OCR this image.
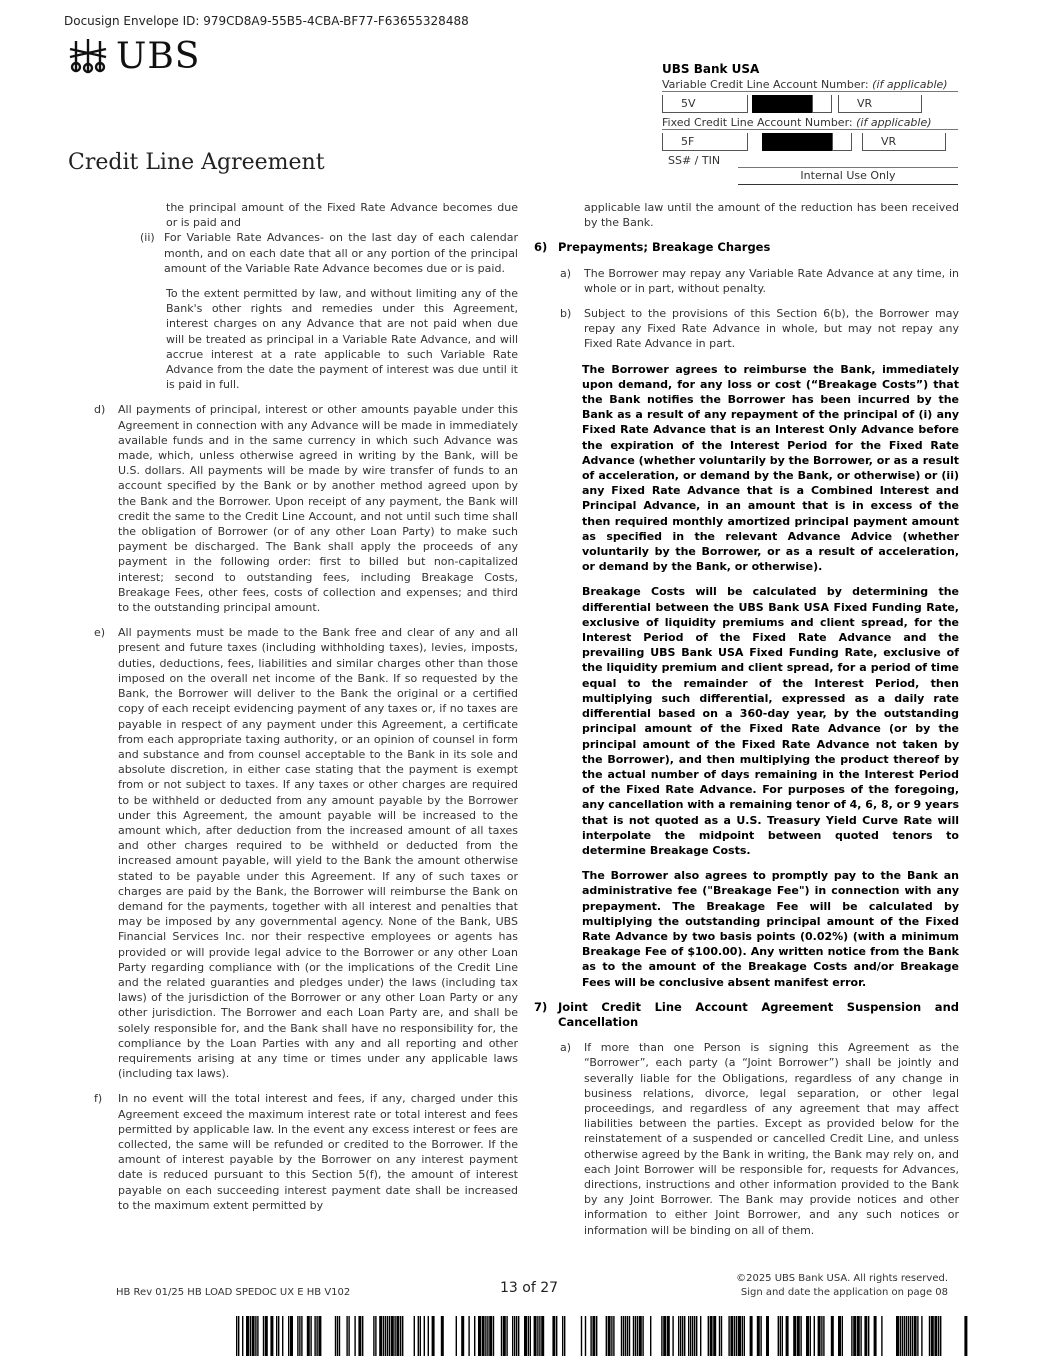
Docusign Envelope ID: 979CD8A9-55B5-4CBA-BF77-F63655328488
UBS
Credit Line Agreement
UBS Bank USA
Variable Credit Line Account Number: (if applicable)
5V	VR
Fixed Credit Line Account Number: (if applicable)
5F	VR
SS# / TIN
Internal Use Only
the principal amount of the Fixed Rate Advance becomes due or is paid and
(ii) For Variable Rate Advances- on the last day of each calendar month, and on each date that all or any portion of the principal amount of the Variable Rate Advance becomes due or is paid.
To the extent permitted by law, and without limiting any of the Bank's other rights and remedies under this Agreement, interest charges on any Advance that are not paid when due will be treated as principal in a Variable Rate Advance, and will accrue interest at a rate applicable to such Variable Rate Advance from the date the payment of interest was due until it is paid in full.
d)	All payments of principal, interest or other amounts payable under this Agreement in connection with any Advance will be made in immediately available funds and in the same currency in which such Advance was made, which, unless otherwise agreed in writing by the Bank, will be U.S. dollars. All payments will be made by wire transfer of funds to an account specified by the Bank or by another method agreed upon by the Bank and the Borrower. Upon receipt of any payment, the Bank will credit the same to the Credit Line Account, and not until such time shall the obligation of Borrower (or of any other Loan Party) to make such payment be discharged. The Bank shall apply the proceeds of any payment in the following order: first to billed but non-capitalized interest; second to outstanding fees, including Breakage Costs, Breakage Fees, other fees, costs of collection and expenses; and third to the outstanding principal amount.
e)	All payments must be made to the Bank free and clear of any and all present and future taxes (including withholding taxes), levies, imposts, duties, deductions, fees, liabilities and similar charges other than those imposed on the overall net income of the Bank. If so requested by the Bank, the Borrower will deliver to the Bank the original or a certified copy of each receipt evidencing payment of any taxes or, if no taxes are payable in respect of any payment under this Agreement, a certificate from each appropriate taxing authority, or an opinion of counsel in form and substance and from counsel acceptable to the Bank in its sole and absolute discretion, in either case stating that the payment is exempt from or not subject to taxes. If any taxes or other charges are required to be withheld or deducted from any amount payable by the Borrower under this Agreement, the amount payable will be increased to the amount which, after deduction from the increased amount of all taxes and other charges required to be withheld or deducted from the increased amount payable, will yield to the Bank the amount otherwise stated to be payable under this Agreement. If any of such taxes or charges are paid by the Bank, the Borrower will reimburse the Bank on demand for the payments, together with all interest and penalties that may be imposed by any governmental agency. None of the Bank, UBS Financial Services Inc. nor their respective employees or agents has provided or will provide legal advice to the Borrower or any other Loan Party regarding compliance with (or the implications of the Credit Line and the related guaranties and pledges under) the laws (including tax laws) of the jurisdiction of the Borrower or any other Loan Party or any other jurisdiction. The Borrower and each Loan Party are, and shall be solely responsible for, and the Bank shall have no responsibility for, the compliance by the Loan Parties with any and all reporting and other requirements arising at any time or times under any applicable laws (including tax laws).
f)	In no event will the total interest and fees, if any, charged under this Agreement exceed the maximum interest rate or total interest and fees permitted by applicable law. In the event any excess interest or fees are collected, the same will be refunded or credited to the Borrower. If the amount of interest payable by the Borrower on any interest payment date is reduced pursuant to this Section 5(f), the amount of interest payable on each succeeding interest payment date shall be increased to the maximum extent permitted by
applicable law until the amount of the reduction has been received by the Bank.
6) Prepayments; Breakage Charges
a)	The Borrower may repay any Variable Rate Advance at any time, in whole or in part, without penalty.
b)	Subject to the provisions of this Section 6(b), the Borrower may repay any Fixed Rate Advance in whole, but may not repay any Fixed Rate Advance in part.
The Borrower agrees to reimburse the Bank, immediately upon demand, for any loss or cost (“Breakage Costs”) that the Bank notifies the Borrower has been incurred by the Bank as a result of any repayment of the principal of (i) any Fixed Rate Advance that is an Interest Only Advance before the expiration of the Interest Period for the Fixed Rate Advance (whether voluntarily by the Borrower, or as a result of acceleration, or demand by the Bank, or otherwise) or (ii) any Fixed Rate Advance that is a Combined Interest and Principal Advance, in an amount that is in excess of the then required monthly amortized principal payment amount as specified in the relevant Advance Advice (whether voluntarily by the Borrower, or as a result of acceleration, or demand by the Bank, or otherwise).
Breakage Costs will be calculated by determining the differential between the UBS Bank USA Fixed Funding Rate, exclusive of liquidity premiums and client spread, for the Interest Period of the Fixed Rate Advance and the prevailing UBS Bank USA Fixed Funding Rate, exclusive of the liquidity premium and client spread, for a period of time equal to the remainder of the Interest Period, then multiplying such differential, expressed as a daily rate differential based on a 360-day year, by the outstanding principal amount of the Fixed Rate Advance (or by the principal amount of the Fixed Rate Advance not taken by the Borrower), and then multiplying the product thereof by the actual number of days remaining in the Interest Period of the Fixed Rate Advance. For purposes of the foregoing, any cancellation with a remaining tenor of 4, 6, 8, or 9 years that is not quoted as a U.S. Treasury Yield Curve Rate will interpolate the midpoint between quoted tenors to determine Breakage Costs.
The Borrower also agrees to promptly pay to the Bank an administrative fee ("Breakage Fee") in connection with any prepayment. The Breakage Fee will be calculated by multiplying the outstanding principal amount of the Fixed Rate Advance by two basis points (0.02%) (with a minimum Breakage Fee of $100.00). Any written notice from the Bank as to the amount of the Breakage Costs and/or Breakage Fees will be conclusive absent manifest error.
7) Joint Credit Line Account Agreement Suspension and Cancellation
a)	If more than one Person is signing this Agreement as the “Borrower”, each party (a “Joint Borrower”) shall be jointly and severally liable for the Obligations, regardless of any change in business relations, divorce, legal separation, or other legal proceedings, and regardless of any agreement that may affect liabilities between the parties. Except as provided below for the reinstatement of a suspended or cancelled Credit Line, and unless otherwise agreed by the Bank in writing, the Bank may rely on, and each Joint Borrower will be responsible for, requests for Advances, directions, instructions and other information provided to the Bank by any Joint Borrower. The Bank may provide notices and other information to either Joint Borrower, and any such notices or information will be binding on all of them.
HB Rev 01/25 HB LOAD SPEDOC UX E HB V102	13 of 27
©2025 UBS Bank USA. All rights reserved.
Sign and date the application on page 08
